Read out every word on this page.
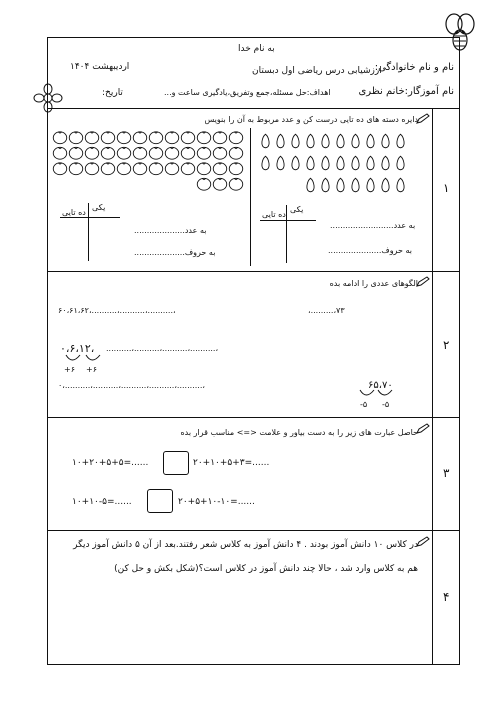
به نام خدا
نام و نام خانوادگی:
ارزشیابی درس ریاضی اول دبستان
اردیبهشت ۱۴۰۴
نام آموزگار:خانم نظری
اهداف:حل مسئله،جمع وتفریق،یادگیری ساعت و...
تاریخ:
۱
۲
۳
۴
دایره‌ دسته‌ های ده تایی درست کن و عدد مربوط به آن را بنویس
یکی
ده تایی
یکی
ده تایی
به عدد.........................
به حروف.....................
به عدد....................
به حروف....................
الگوهای عددی را ادامه بده
۶۰،۶۱،۶۲،..........،..........،..........،	،.........،۷۳
۰،۶،۱۲، ..........،..........،..........،..........،
+۶ +۶
۰،..........،..........،..........،..........،..........،	۶۵،۷۰
-۵ -۵
حاصل عبارت های زیر را به دست بیاور و علامت <=> مناسب قرار بده
۱۰+۲۰+۵+۵=......	۲۰+۱۰+۵+۳=......
۱۰+۱۰-۵=......	۲۰+۵+۱۰-۱۰=......
در کلاس ۱۰ دانش آموز بودند . ۴ دانش آموز به کلاس شعر رفتند.بعد از آن ۵ دانش آموز دیگر
هم به کلاس وارد شد ، حالا چند دانش آموز در کلاس است؟(شکل بکش و حل کن)
